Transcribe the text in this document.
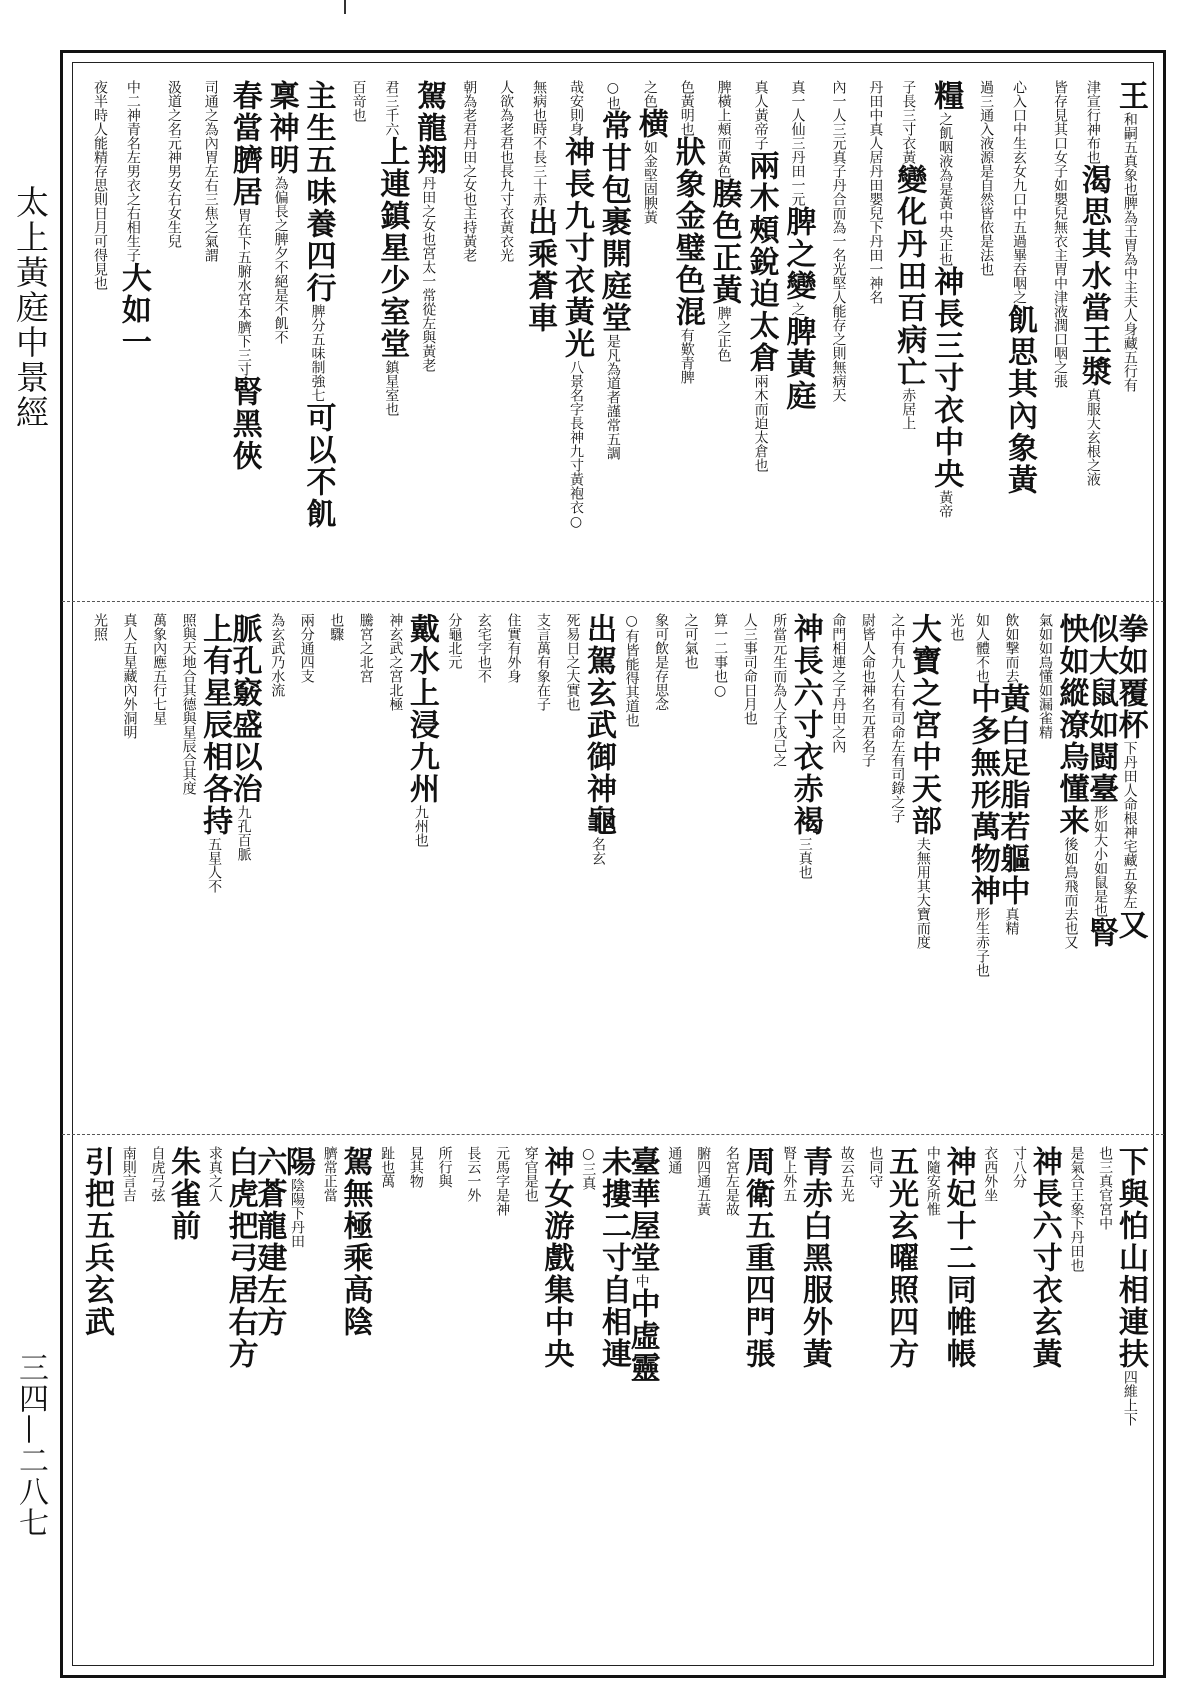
太上黃庭中景經
三四—二八七
王和嗣五真象也脾為王胃為中主夫人身藏五行有
津宣行神布也渴思其水當王漿真服大玄根之液
皆存見其口女子如嬰兒無衣主胃中津液潤口咽之張
心入口中生玄女九口中五過畢吞咽之飢思其內象黃
過三通入液源是自然皆依是法也
糧之飢咽液為是黃中央正也神長三寸衣中央黃帝
子長三寸衣黃變化丹田百病亡赤居上
丹田中真人居丹田嬰兒下丹田一神名
內一人三元真子丹合而為一名光堅人能存之則無病天
真一人仙三丹田一元脾之變之脾黃庭
真人黃帝子兩木頰銳迫太倉兩木而迫太倉也
脾橫上頰而黃色腠色正黃脾之正色
色黃明也狀象金璧色混有歎青脾
之色横如金堅固腴黃
○也常甘包裹開庭堂是凡為道者謹常五調
哉安則身神長九寸衣黃光八景名字長神九寸黃袍衣○
無病也時不長三十赤出乘蒼車
人欲為老君也長九寸衣黃衣光
朝為老君丹田之女也主持黃老
駕龍翔丹田之女也宮太一常從左與黃老
君三千六上連鎮星少室堂鎮星室也
百竒也
主生五味養四行脾分五味制強七可以不飢
稟神明為偏長之脾夕不絕是不飢不
春當臍居胃在下五腑水宮本臍下三寸腎黑俠
司通之為內胃左右三焦之氣謂
汲道之名元神男女右女生兒
中二神青名左男衣之右相生子大如一
夜半時人能精存思則日月可得見也
拳如覆杯下丹田人命根神宅藏五象左又
似大鼠如闘臺形如大小如鼠是也腎
怏如縱潦烏懂来後如鳥飛而去也又
氣如如鳥懂如漏雀精
飲如撃而去黃白足脂若軀中真精
如人體不也中多無形萬物神形生赤子也
光也
大寶之宮中天部夫無用其大寶而度
之中有九人右有司命左有司錄之子
尉皆人命也神名元君名子
命門相連之子丹田之內
神長六寸衣赤褐三真也
所當元生而為人子戊己之
人三事司命日月也
算一二事也○
之可氣也
象可飲是存思念
○有皆能得其道也
出駕玄武御神龜名玄
死易日之大實也
支言萬有象在子
住實有外身
玄宅字也不
分龜北元
戴水上浸九州九州也
神玄武之宮北極
騰宮之北宮
也驟
兩分通四支
為玄武乃水流
脈孔竅盛以治九孔百脈
上有星辰相各持五星人不
照與天地合其德與星辰合其度
萬象內應五行七星
真人五星藏內外洞明
光照
下與怕山相連扶四維上下
也三真官宮中
是氣合王象下丹田也
神長六寸衣玄黃
寸八分
衣西外坐
神妃十二同帷帳
中隨安所惟
五光玄曜照四方
也同守
故云五光
青赤白黑服外黃
腎上外五
周衛五重四門張
名宮左是故
腑四通五黃
通通
臺華屋堂中中虛靈
未摟二寸自相連
○三真
神女游戲集中央
穿官是也
元馬字是神
長云一外
所行與
見其物
趾也萬
駕無極乘高陰
臍常正當
陽陰陽下丹田
六蒼龍建左方
白虎把弓居右方
求真之人
朱雀前
自虎弓弦
南則言吉
引把五兵玄武
